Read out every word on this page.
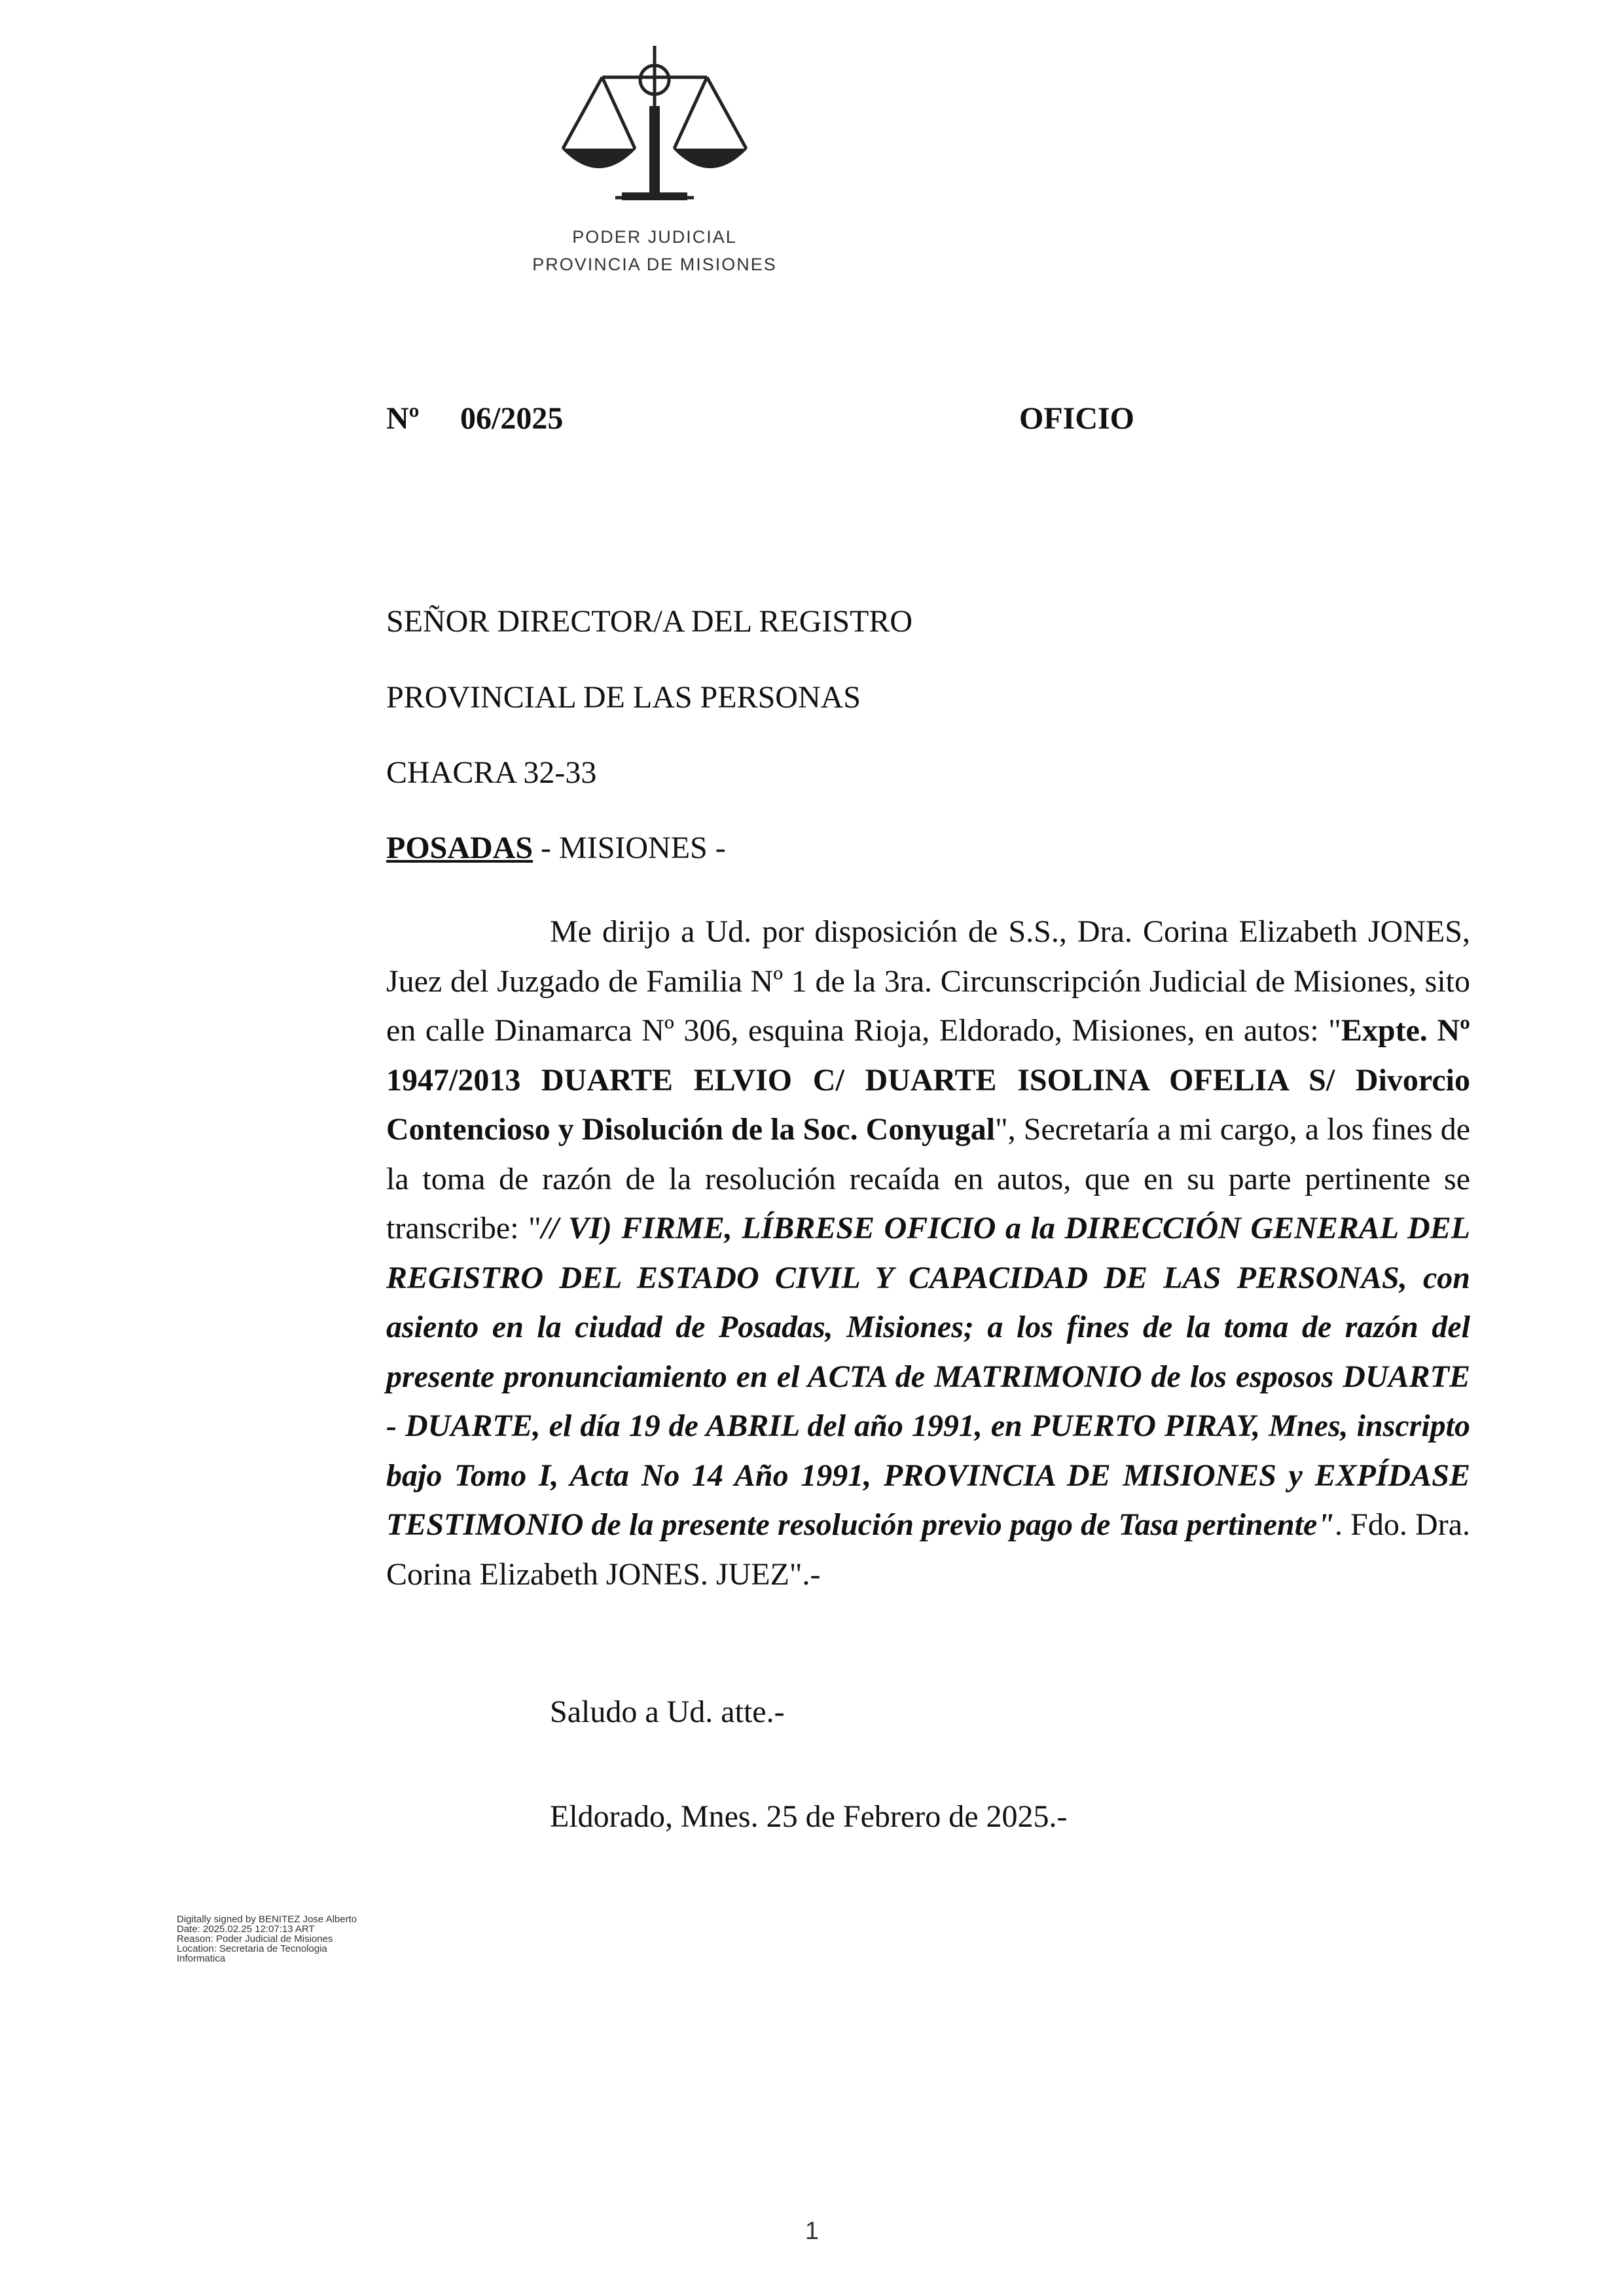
PODER JUDICIAL
PROVINCIA DE MISIONES
Nº 06/2025	OFICIO
SEÑOR DIRECTOR/A DEL REGISTRO
PROVINCIAL DE LAS PERSONAS
CHACRA 32-33
POSADAS - MISIONES -
Me dirijo a Ud. por disposición de S.S., Dra. Corina Elizabeth JONES, Juez del Juzgado de Familia Nº 1 de la 3ra. Circunscripción Judicial de Misiones, sito en calle Dinamarca Nº 306, esquina Rioja, Eldorado, Misiones, en autos: "Expte. Nº 1947/2013 DUARTE ELVIO C/ DUARTE ISOLINA OFELIA S/ Divorcio Contencioso y Disolución de la Soc. Conyugal", Secretaría a mi cargo, a los fines de la toma de razón de la resolución recaída en autos, que en su parte pertinente se transcribe: "// VI) FIRME, LÍBRESE OFICIO a la DIRECCIÓN GENERAL DEL REGISTRO DEL ESTADO CIVIL Y CAPACIDAD DE LAS PERSONAS, con asiento en la ciudad de Posadas, Misiones; a los fines de la toma de razón del presente pronunciamiento en el ACTA de MATRIMONIO de los esposos DUARTE - DUARTE, el día 19 de ABRIL del año 1991, en PUERTO PIRAY, Mnes, inscripto bajo Tomo I, Acta No 14 Año 1991, PROVINCIA DE MISIONES y EXPÍDASE TESTIMONIO de la presente resolución previo pago de Tasa pertinente". Fdo. Dra. Corina Elizabeth JONES. JUEZ".-
Saludo a Ud. atte.-
Eldorado, Mnes. 25 de Febrero de 2025.-
Digitally signed by BENITEZ Jose Alberto
Date: 2025.02.25 12:07:13 ART
Reason: Poder Judicial de Misiones
Location: Secretaria de Tecnologia
Informatica
1
